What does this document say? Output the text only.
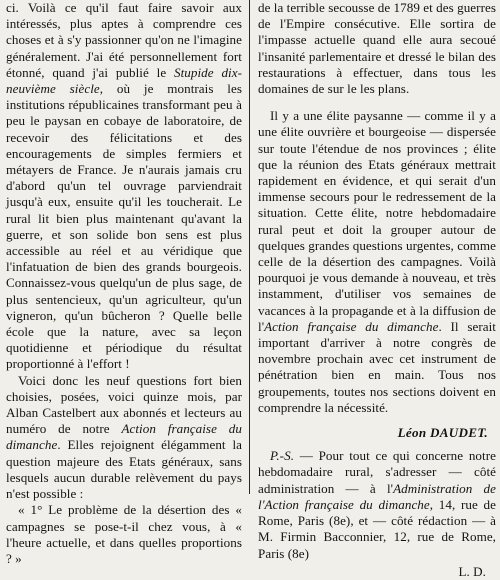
ci. Voilà ce qu'il faut faire savoir aux intéressés, plus aptes à comprendre ces choses et à s'y passionner qu'on ne l'imagine généralement. J'ai été personnellement fort étonné, quand j'ai publié le Stupide dix-neuvième siècle, où je montrais les institutions républicaines transformant peu à peu le paysan en cobaye de laboratoire, de recevoir des félicitations et des encouragements de simples fermiers et métayers de France. Je n'aurais jamais cru d'abord qu'un tel ouvrage parviendrait jusqu'à eux, ensuite qu'il les toucherait. Le rural lit bien plus maintenant qu'avant la guerre, et son solide bon sens est plus accessible au réel et au véridique que l'infatuation de bien des grands bourgeois. Connaissez-vous quelqu'un de plus sage, de plus sentencieux, qu'un agriculteur, qu'un vigneron, qu'un bûcheron ? Quelle belle école que la nature, avec sa leçon quotidienne et périodique du résultat proportionné à l'effort !

Voici donc les neuf questions fort bien choisies, posées, voici quinze mois, par Alban Castelbert aux abonnés et lecteurs au numéro de notre Action française du dimanche. Elles rejoignent élégamment la question majeure des Etats généraux, sans lesquels aucun durable relèvement du pays n'est possible :

« 1° Le problème de la désertion des « campagnes se pose-t-il chez vous, à « l'heure actuelle, et dans quelles proportions ? »

de la terrible secousse de 1789 et des guerres de l'Empire consécutive. Elle sortira de l'impasse actuelle quand elle aura secoué l'insanité parlementaire et dressé le bilan des restaurations à effectuer, dans tous les domaines de sur le les plans.

Il y a une élite paysanne — comme il y a une élite ouvrière et bourgeoise — dispersée sur toute l'étendue de nos provinces ; élite que la réunion des Etats généraux mettrait rapidement en évidence, et qui serait d'un immense secours pour le redressement de la situation. Cette élite, notre hebdomadaire rural peut et doit la grouper autour de quelques grandes questions urgentes, comme celle de la désertion des campagnes. Voilà pourquoi je vous demande à nouveau, et très instamment, d'utiliser vos semaines de vacances à la propagande et à la diffusion de l'Action française du dimanche. Il serait important d'arriver à notre congrès de novembre prochain avec cet instrument de pénétration bien en main. Tous nos groupements, toutes nos sections doivent en comprendre la nécessité.

Léon DAUDET.

P.-S. — Pour tout ce qui concerne notre hebdomadaire rural, s'adresser — côté administration — à l'Administration de l'Action française du dimanche, 14, rue de Rome, Paris (8e), et — côté rédaction — à M. Firmin Bacconnier, 12, rue de Rome, Paris (8e)

L. D.
